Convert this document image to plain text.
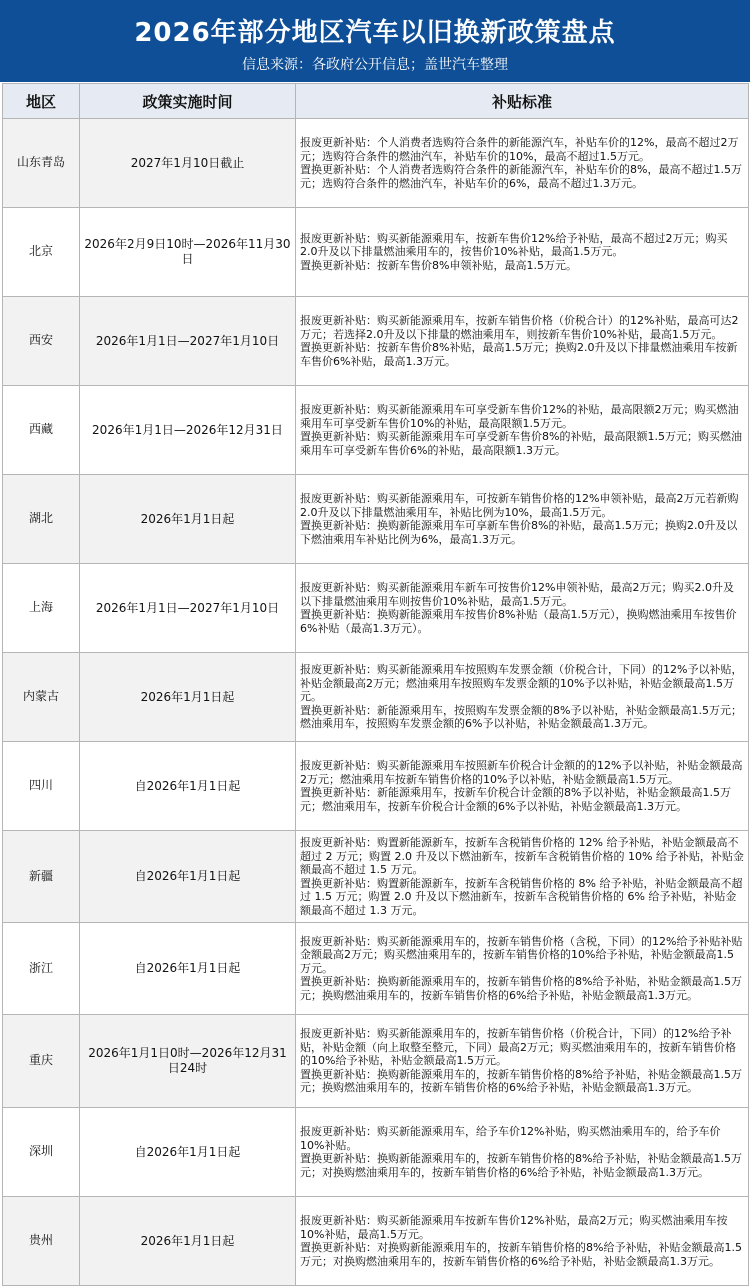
2026年部分地区汽车以旧换新政策盘点
信息来源：各政府公开信息；盖世汽车整理
地区	政策实施时间	补贴标准
山东青岛	2027年1月10日截止	报废更新补贴：个人消费者选购符合条件的新能源汽车，补贴车价的12%，最高不超过2万元；选购符合条件的燃油汽车，补贴车价的10%，最高不超过1.5万元。
置换更新补贴：个人消费者选购符合条件的新能源汽车，补贴车价的8%，最高不超过1.5万元；选购符合条件的燃油汽车，补贴车价的6%，最高不超过1.3万元。

北京	2026年2月9日10时—2026年11月30日	报废更新补贴：购买新能源乘用车，按新车售价12%给予补贴，最高不超过2万元；购买2.0升及以下排量燃油乘用车的，按售价10%补贴，最高1.5万元。
置换更新补贴：按新车售价8%申领补贴，最高1.5万元。

西安	2026年1月1日—2027年1月10日	报废更新补贴：购买新能源乘用车，按新车销售价格（价税合计）的12%补贴，最高可达2万元；若选择2.0升及以下排量的燃油乘用车，则按新车售价10%补贴，最高1.5万元。
置换更新补贴：按新车售价8%补贴，最高1.5万元；换购2.0升及以下排量燃油乘用车按新车售价6%补贴，最高1.3万元。

西藏	2026年1月1日—2026年12月31日	报废更新补贴：购买新能源乘用车可享受新车售价12%的补贴，最高限额2万元；购买燃油乘用车可享受新车售价10%的补贴，最高限额1.5万元。
置换更新补贴：购买新能源乘用车可享受新车售价8%的补贴，最高限额1.5万元；购买燃油乘用车可享受新车售价6%的补贴，最高限额1.3万元。

湖北	2026年1月1日起	报废更新补贴：购买新能源乘用车，可按新车销售价格的12%申领补贴，最高2万元若新购2.0升及以下排量燃油乘用车，补贴比例为10%，最高1.5万元。
置换更新补贴：换购新能源乘用车可享新车售价8%的补贴，最高1.5万元；换购2.0升及以下燃油乘用车补贴比例为6%，最高1.3万元。

上海	2026年1月1日—2027年1月10日	报废更新补贴：购买新能源乘用车新车可按售价12%申领补贴，最高2万元；购买2.0升及以下排量燃油乘用车则按售价10%补贴，最高1.5万元。
置换更新补贴：换购新能源乘用车按售价8%补贴（最高1.5万元），换购燃油乘用车按售价6%补贴（最高1.3万元）。

内蒙古	2026年1月1日起	报废更新补贴：购买新能源乘用车按照购车发票金额（价税合计，下同）的12%予以补贴，补贴金额最高2万元；燃油乘用车按照购车发票金额的10%予以补贴，补贴金额最高1.5万元。
置换更新补贴：新能源乘用车，按照购车发票金额的8%予以补贴，补贴金额最高1.5万元；燃油乘用车，按照购车发票金额的6%予以补贴，补贴金额最高1.3万元。

四川	自2026年1月1日起	报废更新补贴：购买新能源乘用车按照新车价税合计金额的的12%予以补贴，补贴金额最高2万元；燃油乘用车按新车销售价格的10%予以补贴，补贴金额最高1.5万元。
置换更新补贴：新能源乘用车，按新车价税合计金额的8%予以补贴，补贴金额最高1.5万元；燃油乘用车，按新车价税合计金额的6%予以补贴，补贴金额最高1.3万元。

新疆	自2026年1月1日起	报废更新补贴：购置新能源新车，按新车含税销售价格的 12% 给予补贴，补贴金额最高不超过 2 万元；购置 2.0 升及以下燃油新车，按新车含税销售价格的 10% 给予补贴，补贴金额最高不超过 1.5 万元。
置换更新补贴：购置新能源新车，按新车含税销售价格的 8% 给予补贴，补贴金额最高不超过 1.5 万元；购置 2.0 升及以下燃油新车，按新车含税销售价格的 6% 给予补贴，补贴金额最高不超过 1.3 万元。

浙江	自2026年1月1日起	报废更新补贴：购买新能源乘用车的，按新车销售价格（含税，下同）的12%给予补贴补贴金额最高2万元；购买燃油乘用车的，按新车销售价格的10%给予补贴，补贴金额最高1.5万元。
置换更新补贴：换购新能源乘用车的，按新车销售价格的8%给予补贴，补贴金额最高1.5万元；换购燃油乘用车的，按新车销售价格的6%给予补贴，补贴金额最高1.3万元。

重庆	2026年1月1日0时—2026年12月31日24时	报废更新补贴：购买新能源乘用车的，按新车销售价格（价税合计，下同）的12%给予补贴，补贴金额（向上取整至整元，下同）最高2万元；购买燃油乘用车的，按新车销售价格的10%给予补贴，补贴金额最高1.5万元。
置换更新补贴：换购新能源乘用车的，按新车销售价格的8%给予补贴，补贴金额最高1.5万元；换购燃油乘用车的，按新车销售价格的6%给予补贴，补贴金额最高1.3万元。

深圳	自2026年1月1日起	报废更新补贴：购买新能源乘用车，给予车价12%补贴，购买燃油乘用车的，给予车价10%补贴。
置换更新补贴：换购新能源乘用车的，按新车销售价格的8%给予补贴，补贴金额最高1.5万元；对换购燃油乘用车的，按新车销售价格的6%给予补贴，补贴金额最高1.3万元。

贵州	2026年1月1日起	报废更新补贴：购买新能源乘用车按新车售价12%补贴，最高2万元；购买燃油乘用车按10%补贴，最高1.5万元。
置换更新补贴：对换购新能源乘用车的，按新车销售价格的8%给予补贴，补贴金额最高1.5万元；对换购燃油乘用车的，按新车销售价格的6%给予补贴，补贴金额最高1.3万元。
